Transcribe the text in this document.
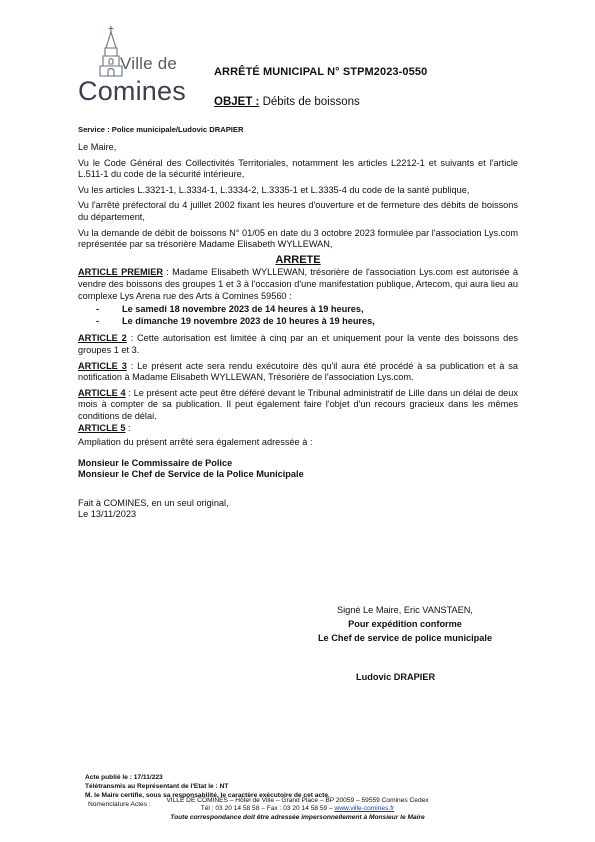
Ville de
Comines
ARRÊTÉ MUNICIPAL N° STPM2023-0550
OBJET : Débits de boissons
Service : Police municipale/Ludovic DRAPIER

Le Maire,

Vu le Code Général des Collectivités Territoriales, notamment les articles L2212-1 et suivants et l'article L.511-1 du code de la sécurité intérieure,

Vu les articles L.3321-1, L.3334-1, L.3334-2, L.3335-1 et L.3335-4 du code de la santé publique,

Vu l'arrêté préfectoral du 4 juillet 2002 fixant les heures d'ouverture et de fermeture des débits de boissons du département,

Vu la demande de débit de boissons N° 01/05 en date du 3 octobre 2023 formulée par l'association Lys.com représentée par sa trésorière Madame Elisabeth WYLLEWAN,

ARRETE

ARTICLE PREMIER : Madame Elisabeth WYLLEWAN, trésorière de l'association Lys.com est autorisée à vendre des boissons des groupes 1 et 3 à l'occasion d'une manifestation publique, Artecom, qui aura lieu au complexe Lys Arena rue des Arts à Comines 59560 :

-	Le samedi 18 novembre 2023 de 14 heures à 19 heures,
-	Le dimanche 19 novembre 2023 de 10 heures à 19 heures,

ARTICLE 2 : Cette autorisation est limitée à cinq par an et uniquement pour la vente des boissons des groupes 1 et 3.

ARTICLE 3 : Le présent acte sera rendu exécutoire dès qu'il aura été procédé à sa publication et à sa notification à Madame Elisabeth WYLLEWAN, Trésorière de l'association Lys.com.

ARTICLE 4 : Le présent acte peut être déféré devant le Tribunal administratif de Lille dans un délai de deux mois à compter de sa publication. Il peut également faire l'objet d'un recours gracieux dans les mêmes conditions de délai.

ARTICLE 5 :

Ampliation du présent arrêté sera également adressée à :

Monsieur le Commissaire de Police

Monsieur le Chef de Service de la Police Municipale

Fait à COMINES, en un seul original,

Le 13/11/2023

Signé Le Maire, Eric VANSTAEN,
Pour expédition conforme
Le Chef de service de police municipale
Ludovic DRAPIER
Acte publié le : 17/11/223
Télétransmis au Représentant de l'Etat le : NT
M. le Maire certifie, sous sa responsabilité, le caractère exécutoire de cet acte.
Nomenclature Actes :
VILLE DE COMINES – Hôtel de Ville – Grand Place – BP 20059 – 59559 Comines Cedex
Tél : 03 20 14 58 58 – Fax : 03 20 14 58 59 – www.ville-comines.fr
Toute correspondance doit être adressée impersonnellement à Monsieur le Maire
